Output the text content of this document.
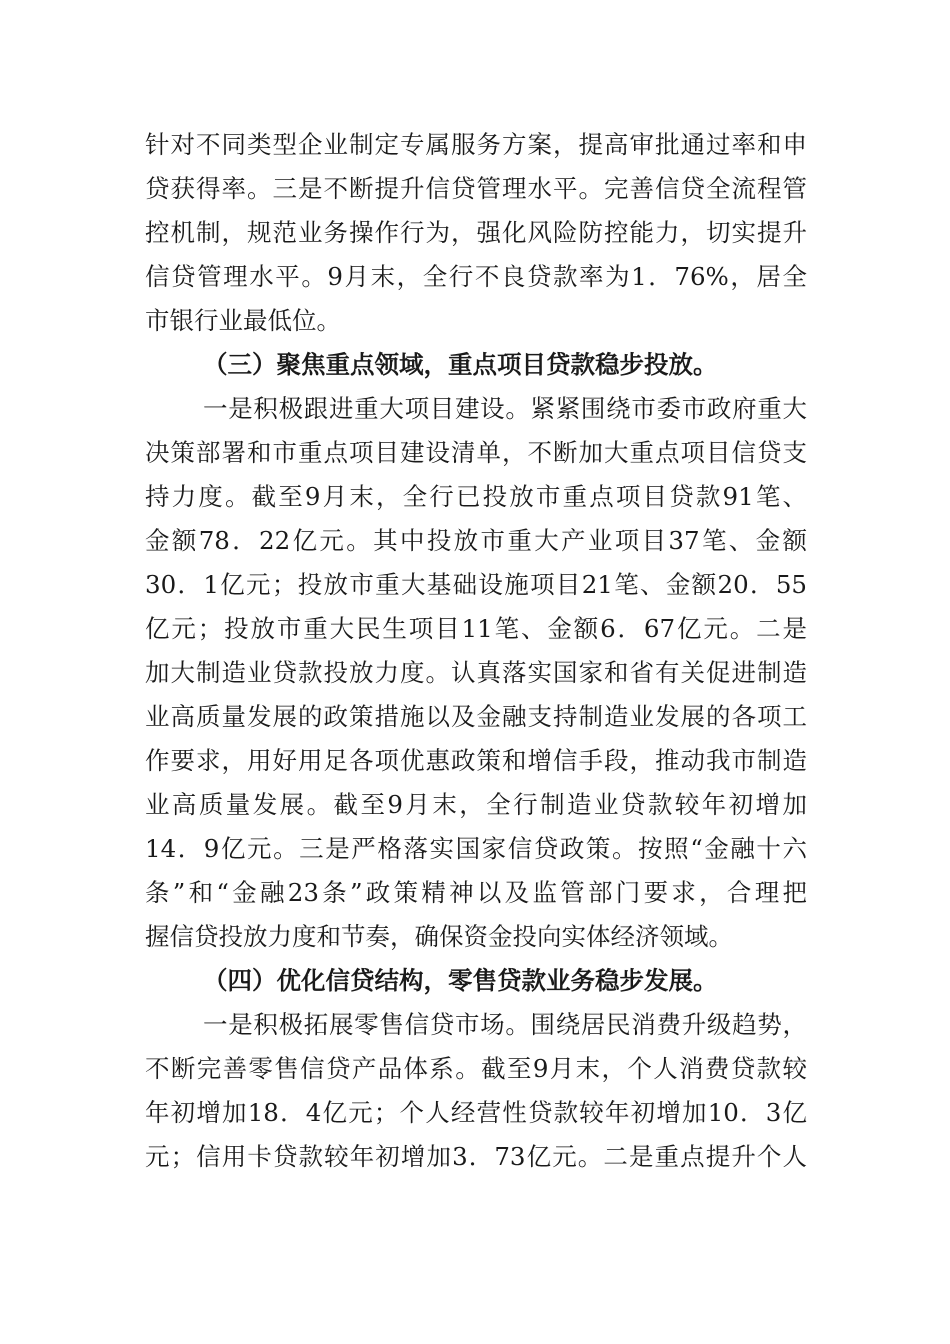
针对不同类型企业制定专属服务方案，提高审批通过率和申
贷获得率。三是不断提升信贷管理水平。完善信贷全流程管
控机制，规范业务操作行为，强化风险防控能力，切实提升
信贷管理水平。9月末，全行不良贷款率为1．76%，居全
市银行业最低位。
（三）聚焦重点领域，重点项目贷款稳步投放。
一是积极跟进重大项目建设。紧紧围绕市委市政府重大
决策部署和市重点项目建设清单，不断加大重点项目信贷支
持力度。截至9月末，全行已投放市重点项目贷款91笔、
金额78．22亿元。其中投放市重大产业项目37笔、金额
30．1亿元；投放市重大基础设施项目21笔、金额20．55
亿元；投放市重大民生项目11笔、金额6．67亿元。二是
加大制造业贷款投放力度。认真落实国家和省有关促进制造
业高质量发展的政策措施以及金融支持制造业发展的各项工
作要求，用好用足各项优惠政策和增信手段，推动我市制造
业高质量发展。截至9月末，全行制造业贷款较年初增加
14．9亿元。三是严格落实国家信贷政策。按照“金融十六
条”和“金融23条”政策精神以及监管部门要求，合理把
握信贷投放力度和节奏，确保资金投向实体经济领域。
（四）优化信贷结构，零售贷款业务稳步发展。
一是积极拓展零售信贷市场。围绕居民消费升级趋势，
不断完善零售信贷产品体系。截至9月末，个人消费贷款较
年初增加18．4亿元；个人经营性贷款较年初增加10．3亿
元；信用卡贷款较年初增加3．73亿元。二是重点提升个人
